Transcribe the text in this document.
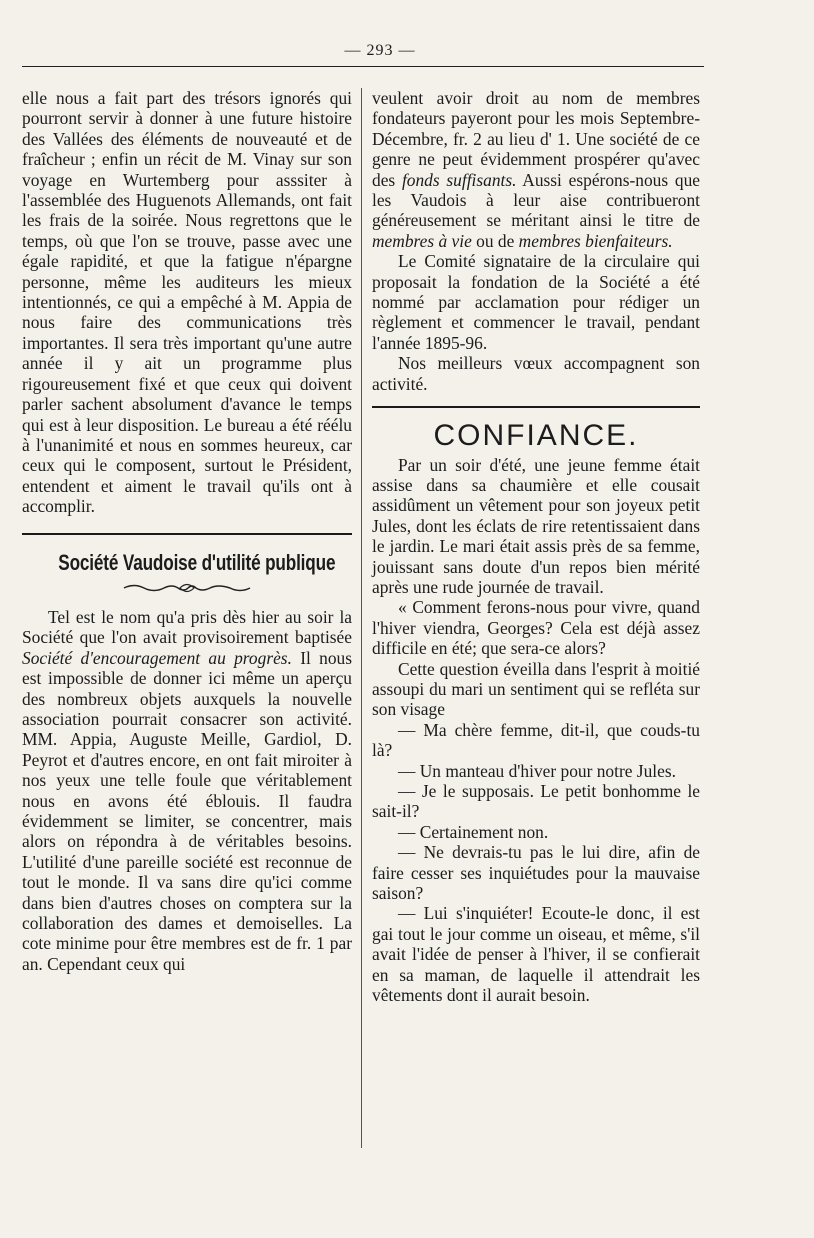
— 293 —

elle nous a fait part des trésors ignorés qui pourront servir à donner à une future histoire des Vallées des éléments de nouveauté et de fraîcheur ; enfin un récit de M. Vinay sur son voyage en Wurtemberg pour asssiter à l'assemblée des Huguenots Allemands, ont fait les frais de la soirée. Nous regrettons que le temps, où que l'on se trouve, passe avec une égale rapidité, et que la fatigue n'épargne personne, même les auditeurs les mieux intentionnés, ce qui a empêché à M. Appia de nous faire des communications très importantes. Il sera très important qu'une autre année il y ait un programme plus rigoureusement fixé et que ceux qui doivent parler sachent absolument d'avance le temps qui est à leur disposition. Le bureau a été réélu à l'unanimité et nous en sommes heureux, car ceux qui le composent, surtout le Président, entendent et aiment le travail qu'ils ont à accomplir.

Société Vaudoise d'utilité publique

Tel est le nom qu'a pris dès hier au soir la Société que l'on avait provisoirement baptisée Société d'encouragement au progrès. Il nous est impossible de donner ici même un aperçu des nombreux objets auxquels la nouvelle association pourrait consacrer son activité. MM. Appia, Auguste Meille, Gardiol, D. Peyrot et d'autres encore, en ont fait miroiter à nos yeux une telle foule que véritablement nous en avons été éblouis. Il faudra évidemment se limiter, se concentrer, mais alors on répondra à de véritables besoins. L'utilité d'une pareille société est reconnue de tout le monde. Il va sans dire qu'ici comme dans bien d'autres choses on comptera sur la collaboration des dames et demoiselles. La cote minime pour être membres est de fr. 1 par an. Cependant ceux qui

veulent avoir droit au nom de membres fondateurs payeront pour les mois Septembre-Décembre, fr. 2 au lieu d' 1. Une société de ce genre ne peut évidemment prospérer qu'avec des fonds suffisants. Aussi espérons-nous que les Vaudois à leur aise contribueront généreusement se méritant ainsi le titre de membres à vie ou de membres bienfaiteurs.

Le Comité signataire de la circulaire qui proposait la fondation de la Société a été nommé par acclamation pour rédiger un règlement et commencer le travail, pendant l'année 1895-96.

Nos meilleurs vœux accompagnent son activité.

CONFIANCE.

Par un soir d'été, une jeune femme était assise dans sa chaumière et elle cousait assidûment un vêtement pour son joyeux petit Jules, dont les éclats de rire retentissaient dans le jardin. Le mari était assis près de sa femme, jouissant sans doute d'un repos bien mérité après une rude journée de travail.

« Comment ferons-nous pour vivre, quand l'hiver viendra, Georges? Cela est déjà assez difficile en été; que sera-ce alors?

Cette question éveilla dans l'esprit à moitié assoupi du mari un sentiment qui se refléta sur son visage

— Ma chère femme, dit-il, que couds-tu là?

— Un manteau d'hiver pour notre Jules.

— Je le supposais. Le petit bonhomme le sait-il?

— Certainement non.

— Ne devrais-tu pas le lui dire, afin de faire cesser ses inquiétudes pour la mauvaise saison?

— Lui s'inquiéter! Ecoute-le donc, il est gai tout le jour comme un oiseau, et même, s'il avait l'idée de penser à l'hiver, il se confierait en sa maman, de laquelle il attendrait les vêtements dont il aurait besoin.
